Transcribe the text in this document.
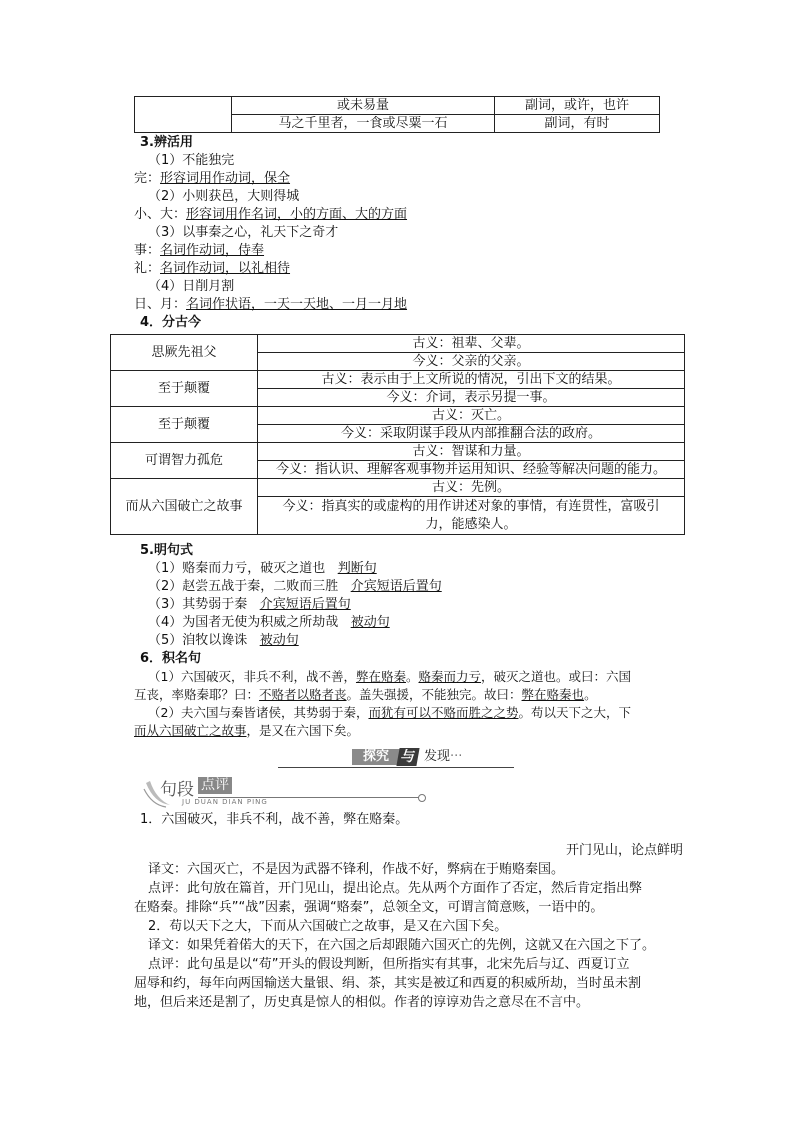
	或未易量	副词，或许，也许
	马之千里者，一食或尽粟一石	副词，有时

3.辨活用

（1）不能独完

完：形容词用作动词，保全

（2）小则获邑，大则得城

小、大：形容词用作名词，小的方面、大的方面

（3）以事秦之心，礼天下之奇才

事：名词作动词，侍奉

礼：名词作动词，以礼相待

（4）日削月割

日、月：名词作状语，一天一天地、一月一月地

4．分古今

思厥先祖父	古义：祖辈、父辈。
	今义：父亲的父亲。
至于颠覆	古义：表示由于上文所说的情况，引出下文的结果。
	今义：介词，表示另提一事。
至于颠覆	古义：灭亡。
	今义：采取阴谋手段从内部推翻合法的政府。
可谓智力孤危	古义：智谋和力量。
	今义：指认识、理解客观事物并运用知识、经验等解决问题的能力。
而从六国破亡之故事	古义：先例。
	今义：指真实的或虚构的用作讲述对象的事情，有连贯性，富吸引
力，能感染人。

5.明句式

（1）赂秦而力亏，破灭之道也 判断句

（2）赵尝五战于秦，二败而三胜 介宾短语后置句

（3）其势弱于秦 介宾短语后置句

（4）为国者无使为积威之所劫哉 被动句

（5）洎牧以谗诛 被动句

6．积名句

（1）六国破灭，非兵不利，战不善，弊在赂秦。赂秦而力亏，破灭之道也。或曰：六国

互丧，率赂秦耶？曰：不赂者以赂者丧。盖失强援，不能独完。故曰：弊在赂秦也。

（2）夫六国与秦皆诸侯，其势弱于秦，而犹有可以不赂而胜之之势。苟以天下之大，下

而从六国破亡之故事，是又在六国下矣。

探究 与 发现···
句段 点评
JU DUAN DIAN PING

1．六国破灭，非兵不利，战不善，弊在赂秦。

开门见山，论点鲜明

译文：六国灭亡，不是因为武器不锋利，作战不好，弊病在于贿赂秦国。

点评：此句放在篇首，开门见山，提出论点。先从两个方面作了否定，然后肯定指出弊

在赂秦。排除“兵”“战”因素，强调“赂秦”，总领全文，可谓言简意赅，一语中的。

2．苟以天下之大，下而从六国破亡之故事，是又在六国下矣。

译文：如果凭着偌大的天下，在六国之后却跟随六国灭亡的先例，这就又在六国之下了。

点评：此句虽是以“苟”开头的假设判断，但所指实有其事，北宋先后与辽、西夏订立

屈辱和约，每年向两国输送大量银、绢、茶，其实是被辽和西夏的积威所劫，当时虽未割

地，但后来还是割了，历史真是惊人的相似。作者的谆谆劝告之意尽在不言中。
